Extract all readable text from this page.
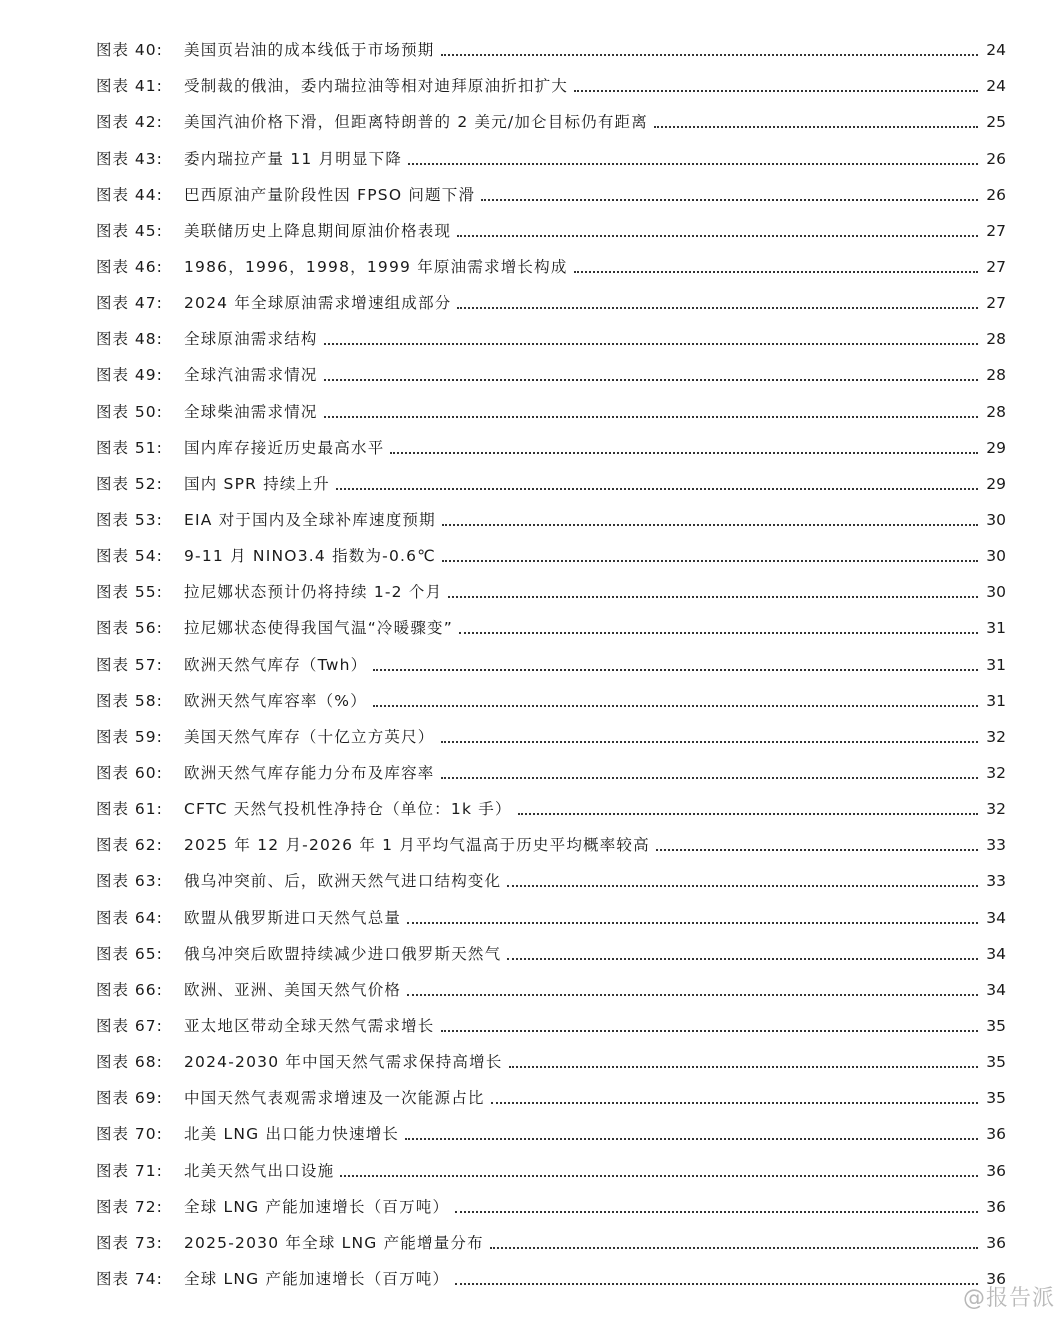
图表 40:	美国页岩油的成本线低于市场预期	24
图表 41:	受制裁的俄油，委内瑞拉油等相对迪拜原油折扣扩大	24
图表 42:	美国汽油价格下滑，但距离特朗普的 2 美元/加仑目标仍有距离	25
图表 43:	委内瑞拉产量 11 月明显下降	26
图表 44:	巴西原油产量阶段性因 FPSO 问题下滑	26
图表 45:	美联储历史上降息期间原油价格表现	27
图表 46:	1986，1996，1998，1999 年原油需求增长构成	27
图表 47:	2024 年全球原油需求增速组成部分	27
图表 48:	全球原油需求结构	28
图表 49:	全球汽油需求情况	28
图表 50:	全球柴油需求情况	28
图表 51:	国内库存接近历史最高水平	29
图表 52:	国内 SPR 持续上升	29
图表 53:	EIA 对于国内及全球补库速度预期	30
图表 54:	9-11 月 NINO3.4 指数为-0.6℃	30
图表 55:	拉尼娜状态预计仍将持续 1-2 个月	30
图表 56:	拉尼娜状态使得我国气温“冷暖骤变”	31
图表 57:	欧洲天然气库存（Twh）	31
图表 58:	欧洲天然气库容率（%）	31
图表 59:	美国天然气库存（十亿立方英尺）	32
图表 60:	欧洲天然气库存能力分布及库容率	32
图表 61:	CFTC 天然气投机性净持仓（单位：1k 手）	32
图表 62:	2025 年 12 月-2026 年 1 月平均气温高于历史平均概率较高	33
图表 63:	俄乌冲突前、后，欧洲天然气进口结构变化	33
图表 64:	欧盟从俄罗斯进口天然气总量	34
图表 65:	俄乌冲突后欧盟持续减少进口俄罗斯天然气	34
图表 66:	欧洲、亚洲、美国天然气价格	34
图表 67:	亚太地区带动全球天然气需求增长	35
图表 68:	2024-2030 年中国天然气需求保持高增长	35
图表 69:	中国天然气表观需求增速及一次能源占比	35
图表 70:	北美 LNG 出口能力快速增长	36
图表 71:	北美天然气出口设施	36
图表 72:	全球 LNG 产能加速增长（百万吨）	36
图表 73:	2025-2030 年全球 LNG 产能增量分布	36
图表 74:	全球 LNG 产能加速增长（百万吨）	36
@报告派
